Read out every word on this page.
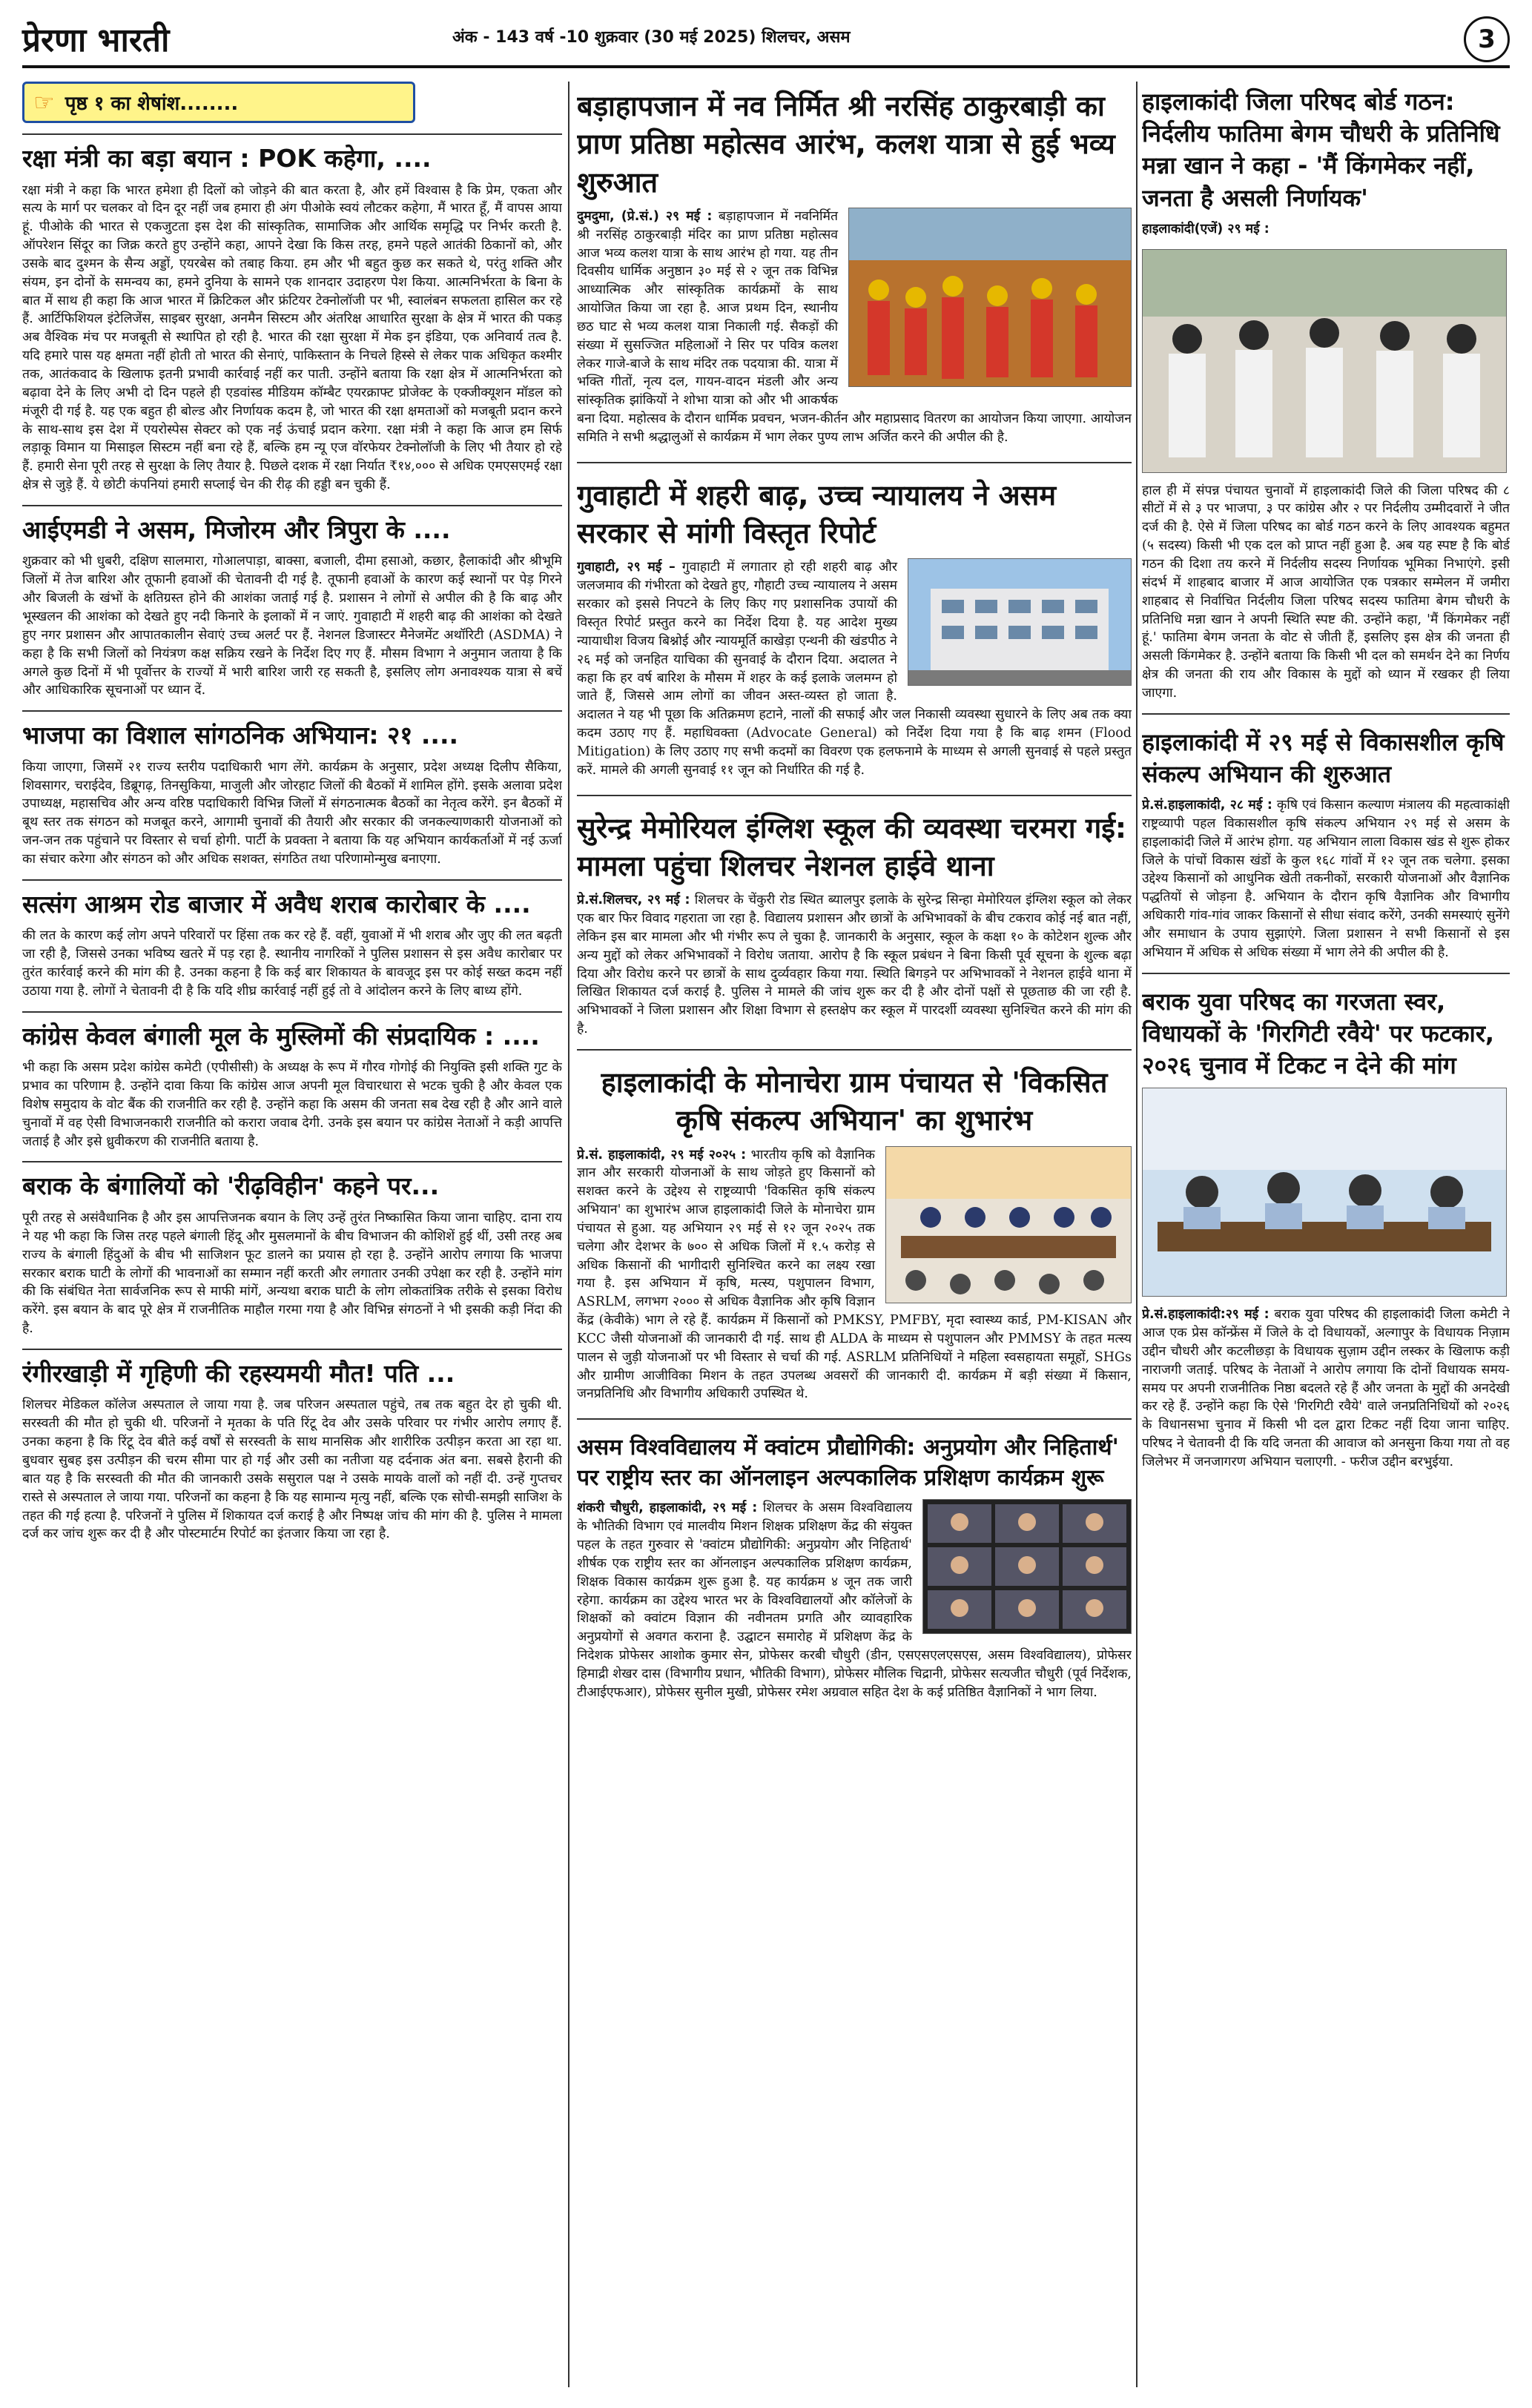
प्रेरणा भारती	अंक - 143 वर्ष -10 शुक्रवार (30 मई 2025) शिलचर, असम	3
☞ पृष्ठ १ का शेषांश........
रक्षा मंत्री का बड़ा बयान : POK कहेगा, ....

रक्षा मंत्री ने कहा कि भारत हमेशा ही दिलों को जोड़ने की बात करता है, और हमें विश्वास है कि प्रेम, एकता और सत्य के मार्ग पर चलकर वो दिन दूर नहीं जब हमारा ही अंग पीओके स्वयं लौटकर कहेगा, मैं भारत हूँ, मैं वापस आया हूं. पीओके की भारत से एकजुटता इस देश की सांस्कृतिक, सामाजिक और आर्थिक समृद्धि पर निर्भर करती है. ऑपरेशन सिंदूर का जिक्र करते हुए उन्होंने कहा, आपने देखा कि किस तरह, हमने पहले आतंकी ठिकानों को, और उसके बाद दुश्मन के सैन्य अड्डों, एयरबेस को तबाह किया. हम और भी बहुत कुछ कर सकते थे, परंतु शक्ति और संयम, इन दोनों के समन्वय का, हमने दुनिया के सामने एक शानदार उदाहरण पेश किया. आत्मनिर्भरता के बिना के बात में साथ ही कहा कि आज भारत में क्रिटिकल और फ्रंटियर टेक्नोलॉजी पर भी, स्वालंबन सफलता हासिल कर रहे हैं. आर्टिफिशियल इंटेलिजेंस, साइबर सुरक्षा, अनमैन सिस्टम और अंतरिक्ष आधारित सुरक्षा के क्षेत्र में भारत की पकड़ अब वैश्विक मंच पर मजबूती से स्थापित हो रही है. भारत की रक्षा सुरक्षा में मेक इन इंडिया, एक अनिवार्य तत्व है. यदि हमारे पास यह क्षमता नहीं होती तो भारत की सेनाएं, पाकिस्तान के निचले हिस्से से लेकर पाक अधिकृत कश्मीर तक, आतंकवाद के खिलाफ इतनी प्रभावी कार्रवाई नहीं कर पाती. उन्होंने बताया कि रक्षा क्षेत्र में आत्मनिर्भरता को बढ़ावा देने के लिए अभी दो दिन पहले ही एडवांस्ड मीडियम कॉम्बैट एयरक्राफ्ट प्रोजेक्ट के एक्जीक्यूशन मॉडल को मंजूरी दी गई है. यह एक बहुत ही बोल्ड और निर्णायक कदम है, जो भारत की रक्षा क्षमताओं को मजबूती प्रदान करने के साथ-साथ इस देश में एयरोस्पेस सेक्टर को एक नई ऊंचाई प्रदान करेगा. रक्षा मंत्री ने कहा कि आज हम सिर्फ लड़ाकू विमान या मिसाइल सिस्टम नहीं बना रहे हैं, बल्कि हम न्यू एज वॉरफेयर टेक्नोलॉजी के लिए भी तैयार हो रहे हैं. हमारी सेना पूरी तरह से सुरक्षा के लिए तैयार है. पिछले दशक में रक्षा निर्यात ₹१४,००० से अधिक एमएसएमई रक्षा क्षेत्र से जुड़े हैं. ये छोटी कंपनियां हमारी सप्लाई चेन की रीढ़ की हड्डी बन चुकी हैं.

आईएमडी ने असम, मिजोरम और त्रिपुरा के ....

शुक्रवार को भी धुबरी, दक्षिण सालमारा, गोआलपाड़ा, बाक्सा, बजाली, दीमा हसाओ, कछार, हैलाकांदी और श्रीभूमि जिलों में तेज बारिश और तूफानी हवाओं की चेतावनी दी गई है. तूफानी हवाओं के कारण कई स्थानों पर पेड़ गिरने और बिजली के खंभों के क्षतिग्रस्त होने की आशंका जताई गई है. प्रशासन ने लोगों से अपील की है कि बाढ़ और भूस्खलन की आशंका को देखते हुए नदी किनारे के इलाकों में न जाएं. गुवाहाटी में शहरी बाढ़ की आशंका को देखते हुए नगर प्रशासन और आपातकालीन सेवाएं उच्च अलर्ट पर हैं. नेशनल डिजास्टर मैनेजमेंट अथॉरिटी (ASDMA) ने कहा है कि सभी जिलों को नियंत्रण कक्ष सक्रिय रखने के निर्देश दिए गए हैं. मौसम विभाग ने अनुमान जताया है कि अगले कुछ दिनों में भी पूर्वोत्तर के राज्यों में भारी बारिश जारी रह सकती है, इसलिए लोग अनावश्यक यात्रा से बचें और आधिकारिक सूचनाओं पर ध्यान दें.

भाजपा का विशाल सांगठनिक अभियान: २१ ....

किया जाएगा, जिसमें २१ राज्य स्तरीय पदाधिकारी भाग लेंगे. कार्यक्रम के अनुसार, प्रदेश अध्यक्ष दिलीप सैकिया, शिवसागर, चराईदेव, डिब्रूगढ़, तिनसुकिया, माजुली और जोरहाट जिलों की बैठकों में शामिल होंगे. इसके अलावा प्रदेश उपाध्यक्ष, महासचिव और अन्य वरिष्ठ पदाधिकारी विभिन्न जिलों में संगठनात्मक बैठकों का नेतृत्व करेंगे. इन बैठकों में बूथ स्तर तक संगठन को मजबूत करने, आगामी चुनावों की तैयारी और सरकार की जनकल्याणकारी योजनाओं को जन-जन तक पहुंचाने पर विस्तार से चर्चा होगी. पार्टी के प्रवक्ता ने बताया कि यह अभियान कार्यकर्ताओं में नई ऊर्जा का संचार करेगा और संगठन को और अधिक सशक्त, संगठित तथा परिणामोन्मुख बनाएगा.

सत्संग आश्रम रोड बाजार में अवैध शराब कारोबार के ....

की लत के कारण कई लोग अपने परिवारों पर हिंसा तक कर रहे हैं. वहीं, युवाओं में भी शराब और जुए की लत बढ़ती जा रही है, जिससे उनका भविष्य खतरे में पड़ रहा है. स्थानीय नागरिकों ने पुलिस प्रशासन से इस अवैध कारोबार पर तुरंत कार्रवाई करने की मांग की है. उनका कहना है कि कई बार शिकायत के बावजूद इस पर कोई सख्त कदम नहीं उठाया गया है. लोगों ने चेतावनी दी है कि यदि शीघ्र कार्रवाई नहीं हुई तो वे आंदोलन करने के लिए बाध्य होंगे.

कांग्रेस केवल बंगाली मूल के मुस्लिमों की संप्रदायिक : ....

भी कहा कि असम प्रदेश कांग्रेस कमेटी (एपीसीसी) के अध्यक्ष के रूप में गौरव गोगोई की नियुक्ति इसी शक्ति गुट के प्रभाव का परिणाम है. उन्होंने दावा किया कि कांग्रेस आज अपनी मूल विचारधारा से भटक चुकी है और केवल एक विशेष समुदाय के वोट बैंक की राजनीति कर रही है. उन्होंने कहा कि असम की जनता सब देख रही है और आने वाले चुनावों में वह ऐसी विभाजनकारी राजनीति को करारा जवाब देगी. उनके इस बयान पर कांग्रेस नेताओं ने कड़ी आपत्ति जताई है और इसे ध्रुवीकरण की राजनीति बताया है.

बराक के बंगालियों को 'रीढ़विहीन' कहने पर...

पूरी तरह से असंवैधानिक है और इस आपत्तिजनक बयान के लिए उन्हें तुरंत निष्कासित किया जाना चाहिए. दाना राय ने यह भी कहा कि जिस तरह पहले बंगाली हिंदू और मुसलमानों के बीच विभाजन की कोशिशें हुई थीं, उसी तरह अब राज्य के बंगाली हिंदुओं के बीच भी साजिशन फूट डालने का प्रयास हो रहा है. उन्होंने आरोप लगाया कि भाजपा सरकार बराक घाटी के लोगों की भावनाओं का सम्मान नहीं करती और लगातार उनकी उपेक्षा कर रही है. उन्होंने मांग की कि संबंधित नेता सार्वजनिक रूप से माफी मांगें, अन्यथा बराक घाटी के लोग लोकतांत्रिक तरीके से इसका विरोध करेंगे. इस बयान के बाद पूरे क्षेत्र में राजनीतिक माहौल गरमा गया है और विभिन्न संगठनों ने भी इसकी कड़ी निंदा की है.

रंगीरखाड़ी में गृहिणी की रहस्यमयी मौत! पति ...

शिलचर मेडिकल कॉलेज अस्पताल ले जाया गया है. जब परिजन अस्पताल पहुंचे, तब तक बहुत देर हो चुकी थी. सरस्वती की मौत हो चुकी थी. परिजनों ने मृतका के पति रिंटू देव और उसके परिवार पर गंभीर आरोप लगाए हैं. उनका कहना है कि रिंटू देव बीते कई वर्षों से सरस्वती के साथ मानसिक और शारीरिक उत्पीड़न करता आ रहा था. बुधवार सुबह इस उत्पीड़न की चरम सीमा पार हो गई और उसी का नतीजा यह दर्दनाक अंत बना. सबसे हैरानी की बात यह है कि सरस्वती की मौत की जानकारी उसके ससुराल पक्ष ने उसके मायके वालों को नहीं दी. उन्हें गुप्तचर रास्ते से अस्पताल ले जाया गया. परिजनों का कहना है कि यह सामान्य मृत्यु नहीं, बल्कि एक सोची-समझी साजिश के तहत की गई हत्या है. परिजनों ने पुलिस में शिकायत दर्ज कराई है और निष्पक्ष जांच की मांग की है. पुलिस ने मामला दर्ज कर जांच शुरू कर दी है और पोस्टमार्टम रिपोर्ट का इंतजार किया जा रहा है.

बड़ाहापजान में नव निर्मित श्री नरसिंह ठाकुरबाड़ी का प्राण प्रतिष्ठा महोत्सव आरंभ, कलश यात्रा से हुई भव्य शुरुआत

दुमदुमा, (प्रे.सं.) २९ मई : बड़ाहापजान में नवनिर्मित श्री नरसिंह ठाकुरबाड़ी मंदिर का प्राण प्रतिष्ठा महोत्सव आज भव्य कलश यात्रा के साथ आरंभ हो गया. यह तीन दिवसीय धार्मिक अनुष्ठान ३० मई से २ जून तक विभिन्न आध्यात्मिक और सांस्कृतिक कार्यक्रमों के साथ आयोजित किया जा रहा है. आज प्रथम दिन, स्थानीय छठ घाट से भव्य कलश यात्रा निकाली गई. सैकड़ों की संख्या में सुसज्जित महिलाओं ने सिर पर पवित्र कलश लेकर गाजे-बाजे के साथ मंदिर तक पदयात्रा की. यात्रा में भक्ति गीतों, नृत्य दल, गायन-वादन मंडली और अन्य सांस्कृतिक झांकियों ने शोभा यात्रा को और भी आकर्षक बना दिया. महोत्सव के दौरान धार्मिक प्रवचन, भजन-कीर्तन और महाप्रसाद वितरण का आयोजन किया जाएगा. आयोजन समिति ने सभी श्रद्धालुओं से कार्यक्रम में भाग लेकर पुण्य लाभ अर्जित करने की अपील की है.

गुवाहाटी में शहरी बाढ़, उच्च न्यायालय ने असम सरकार से मांगी विस्तृत रिपोर्ट

गुवाहाटी, २९ मई – गुवाहाटी में लगातार हो रही शहरी बाढ़ और जलजमाव की गंभीरता को देखते हुए, गौहाटी उच्च न्यायालय ने असम सरकार को इससे निपटने के लिए किए गए प्रशासनिक उपायों की विस्तृत रिपोर्ट प्रस्तुत करने का निर्देश दिया है. यह आदेश मुख्य न्यायाधीश विजय बिश्नोई और न्यायमूर्ति काखेड़ा एन्थनी की खंडपीठ ने २६ मई को जनहित याचिका की सुनवाई के दौरान दिया. अदालत ने कहा कि हर वर्ष बारिश के मौसम में शहर के कई इलाके जलमग्न हो जाते हैं, जिससे आम लोगों का जीवन अस्त-व्यस्त हो जाता है. अदालत ने यह भी पूछा कि अतिक्रमण हटाने, नालों की सफाई और जल निकासी व्यवस्था सुधारने के लिए अब तक क्या कदम उठाए गए हैं. महाधिवक्ता (Advocate General) को निर्देश दिया गया है कि बाढ़ शमन (Flood Mitigation) के लिए उठाए गए सभी कदमों का विवरण एक हलफनामे के माध्यम से अगली सुनवाई से पहले प्रस्तुत करें. मामले की अगली सुनवाई ११ जून को निर्धारित की गई है.

सुरेन्द्र मेमोरियल इंग्लिश स्कूल की व्यवस्था चरमरा गई: मामला पहुंचा शिलचर नेशनल हाईवे थाना

प्रे.सं.शिलचर, २९ मई : शिलचर के चेंकुरी रोड स्थित ब्यालपुर इलाके के सुरेन्द्र सिन्हा मेमोरियल इंग्लिश स्कूल को लेकर एक बार फिर विवाद गहराता जा रहा है. विद्यालय प्रशासन और छात्रों के अभिभावकों के बीच टकराव कोई नई बात नहीं, लेकिन इस बार मामला और भी गंभीर रूप ले चुका है. जानकारी के अनुसार, स्कूल के कक्षा १० के कोटेशन शुल्क और अन्य मुद्दों को लेकर अभिभावकों ने विरोध जताया. आरोप है कि स्कूल प्रबंधन ने बिना किसी पूर्व सूचना के शुल्क बढ़ा दिया और विरोध करने पर छात्रों के साथ दुर्व्यवहार किया गया. स्थिति बिगड़ने पर अभिभावकों ने नेशनल हाईवे थाना में लिखित शिकायत दर्ज कराई है. पुलिस ने मामले की जांच शुरू कर दी है और दोनों पक्षों से पूछताछ की जा रही है. अभिभावकों ने जिला प्रशासन और शिक्षा विभाग से हस्तक्षेप कर स्कूल में पारदर्शी व्यवस्था सुनिश्चित करने की मांग की है.

हाइलाकांदी के मोनाचेरा ग्राम पंचायत से 'विकसित कृषि संकल्प अभियान' का शुभारंभ

प्रे.सं. हाइलाकांदी, २९ मई २०२५ : भारतीय कृषि को वैज्ञानिक ज्ञान और सरकारी योजनाओं के साथ जोड़ते हुए किसानों को सशक्त करने के उद्देश्य से राष्ट्रव्यापी 'विकसित कृषि संकल्प अभियान' का शुभारंभ आज हाइलाकांदी जिले के मोनाचेरा ग्राम पंचायत से हुआ. यह अभियान २९ मई से १२ जून २०२५ तक चलेगा और देशभर के ७०० से अधिक जिलों में १.५ करोड़ से अधिक किसानों की भागीदारी सुनिश्चित करने का लक्ष्य रखा गया है. इस अभियान में कृषि, मत्स्य, पशुपालन विभाग, ASRLM, लगभग २००० से अधिक वैज्ञानिक और कृषि विज्ञान केंद्र (केवीके) भाग ले रहे हैं. कार्यक्रम में किसानों को PMKSY, PMFBY, मृदा स्वास्थ्य कार्ड, PM-KISAN और KCC जैसी योजनाओं की जानकारी दी गई. साथ ही ALDA के माध्यम से पशुपालन और PMMSY के तहत मत्स्य पालन से जुड़ी योजनाओं पर भी विस्तार से चर्चा की गई. ASRLM प्रतिनिधियों ने महिला स्वसहायता समूहों, SHGs और ग्रामीण आजीविका मिशन के तहत उपलब्ध अवसरों की जानकारी दी. कार्यक्रम में बड़ी संख्या में किसान, जनप्रतिनिधि और विभागीय अधिकारी उपस्थित थे.

असम विश्वविद्यालय में क्वांटम प्रौद्योगिकी: अनुप्रयोग और निहितार्थ' पर राष्ट्रीय स्तर का ऑनलाइन अल्पकालिक प्रशिक्षण कार्यक्रम शुरू

शंकरी चौधुरी, हाइलाकांदी, २९ मई : शिलचर के असम विश्वविद्यालय के भौतिकी विभाग एवं मालवीय मिशन शिक्षक प्रशिक्षण केंद्र की संयुक्त पहल के तहत गुरुवार से 'क्वांटम प्रौद्योगिकी: अनुप्रयोग और निहितार्थ' शीर्षक एक राष्ट्रीय स्तर का ऑनलाइन अल्पकालिक प्रशिक्षण कार्यक्रम, शिक्षक विकास कार्यक्रम शुरू हुआ है. यह कार्यक्रम ४ जून तक जारी रहेगा. कार्यक्रम का उद्देश्य भारत भर के विश्वविद्यालयों और कॉलेजों के शिक्षकों को क्वांटम विज्ञान की नवीनतम प्रगति और व्यावहारिक अनुप्रयोगों से अवगत कराना है. उद्घाटन समारोह में प्रशिक्षण केंद्र के निदेशक प्रोफेसर आशोक कुमार सेन, प्रोफेसर करबी चौधुरी (डीन, एसएसएलएसएस, असम विश्वविद्यालय), प्रोफेसर हिमाद्री शेखर दास (विभागीय प्रधान, भौतिकी विभाग), प्रोफेसर मौलिक चिद्रानी, प्रोफेसर सत्यजीत चौधुरी (पूर्व निर्देशक, टीआईएफआर), प्रोफेसर सुनील मुखी, प्रोफेसर रमेश अग्रवाल सहित देश के कई प्रतिष्ठित वैज्ञानिकों ने भाग लिया.

हाइलाकांदी जिला परिषद बोर्ड गठन: निर्दलीय फातिमा बेगम चौधरी के प्रतिनिधि मन्ना खान ने कहा - 'मैं किंगमेकर नहीं, जनता है असली निर्णायक'

हाइलाकांदी(एजें) २९ मई :

हाल ही में संपन्न पंचायत चुनावों में हाइलाकांदी जिले की जिला परिषद की ८ सीटों में से ३ पर भाजपा, ३ पर कांग्रेस और २ पर निर्दलीय उम्मीदवारों ने जीत दर्ज की है. ऐसे में जिला परिषद का बोर्ड गठन करने के लिए आवश्यक बहुमत (५ सदस्य) किसी भी एक दल को प्राप्त नहीं हुआ है. अब यह स्पष्ट है कि बोर्ड गठन की दिशा तय करने में निर्दलीय सदस्य निर्णायक भूमिका निभाएंगे. इसी संदर्भ में शाहबाद बाजार में आज आयोजित एक पत्रकार सम्मेलन में जमीरा शाहबाद से निर्वाचित निर्दलीय जिला परिषद सदस्य फातिमा बेगम चौधरी के प्रतिनिधि मन्ना खान ने अपनी स्थिति स्पष्ट की. उन्होंने कहा, 'मैं किंगमेकर नहीं हूं.' फातिमा बेगम जनता के वोट से जीती हैं, इसलिए इस क्षेत्र की जनता ही असली किंगमेकर है. उन्होंने बताया कि किसी भी दल को समर्थन देने का निर्णय क्षेत्र की जनता की राय और विकास के मुद्दों को ध्यान में रखकर ही लिया जाएगा.

हाइलाकांदी में २९ मई से विकासशील कृषि संकल्प अभियान की शुरुआत

प्रे.सं.हाइलाकांदी, २८ मई : कृषि एवं किसान कल्याण मंत्रालय की महत्वाकांक्षी राष्ट्रव्यापी पहल विकासशील कृषि संकल्प अभियान २९ मई से असम के हाइलाकांदी जिले में आरंभ होगा. यह अभियान लाला विकास खंड से शुरू होकर जिले के पांचों विकास खंडों के कुल १६८ गांवों में १२ जून तक चलेगा. इसका उद्देश्य किसानों को आधुनिक खेती तकनीकों, सरकारी योजनाओं और वैज्ञानिक पद्धतियों से जोड़ना है. अभियान के दौरान कृषि वैज्ञानिक और विभागीय अधिकारी गांव-गांव जाकर किसानों से सीधा संवाद करेंगे, उनकी समस्याएं सुनेंगे और समाधान के उपाय सुझाएंगे. जिला प्रशासन ने सभी किसानों से इस अभियान में अधिक से अधिक संख्या में भाग लेने की अपील की है.

बराक युवा परिषद का गरजता स्वर, विधायकों के 'गिरगिटी रवैये' पर फटकार, २०२६ चुनाव में टिकट न देने की मांग

प्रे.सं.हाइलाकांदी:२९ मई : बराक युवा परिषद की हाइलाकांदी जिला कमेटी ने आज एक प्रेस कॉन्फ्रेंस में जिले के दो विधायकों, अल्गापुर के विधायक निज़ाम उद्दीन चौधरी और कटलीछड़ा के विधायक सुज़ाम उद्दीन लस्कर के खिलाफ कड़ी नाराजगी जताई. परिषद के नेताओं ने आरोप लगाया कि दोनों विधायक समय-समय पर अपनी राजनीतिक निष्ठा बदलते रहे हैं और जनता के मुद्दों की अनदेखी कर रहे हैं. उन्होंने कहा कि ऐसे 'गिरगिटी रवैये' वाले जनप्रतिनिधियों को २०२६ के विधानसभा चुनाव में किसी भी दल द्वारा टिकट नहीं दिया जाना चाहिए. परिषद ने चेतावनी दी कि यदि जनता की आवाज को अनसुना किया गया तो वह जिलेभर में जनजागरण अभियान चलाएगी. - फरीज उद्दीन बरभुईया.
